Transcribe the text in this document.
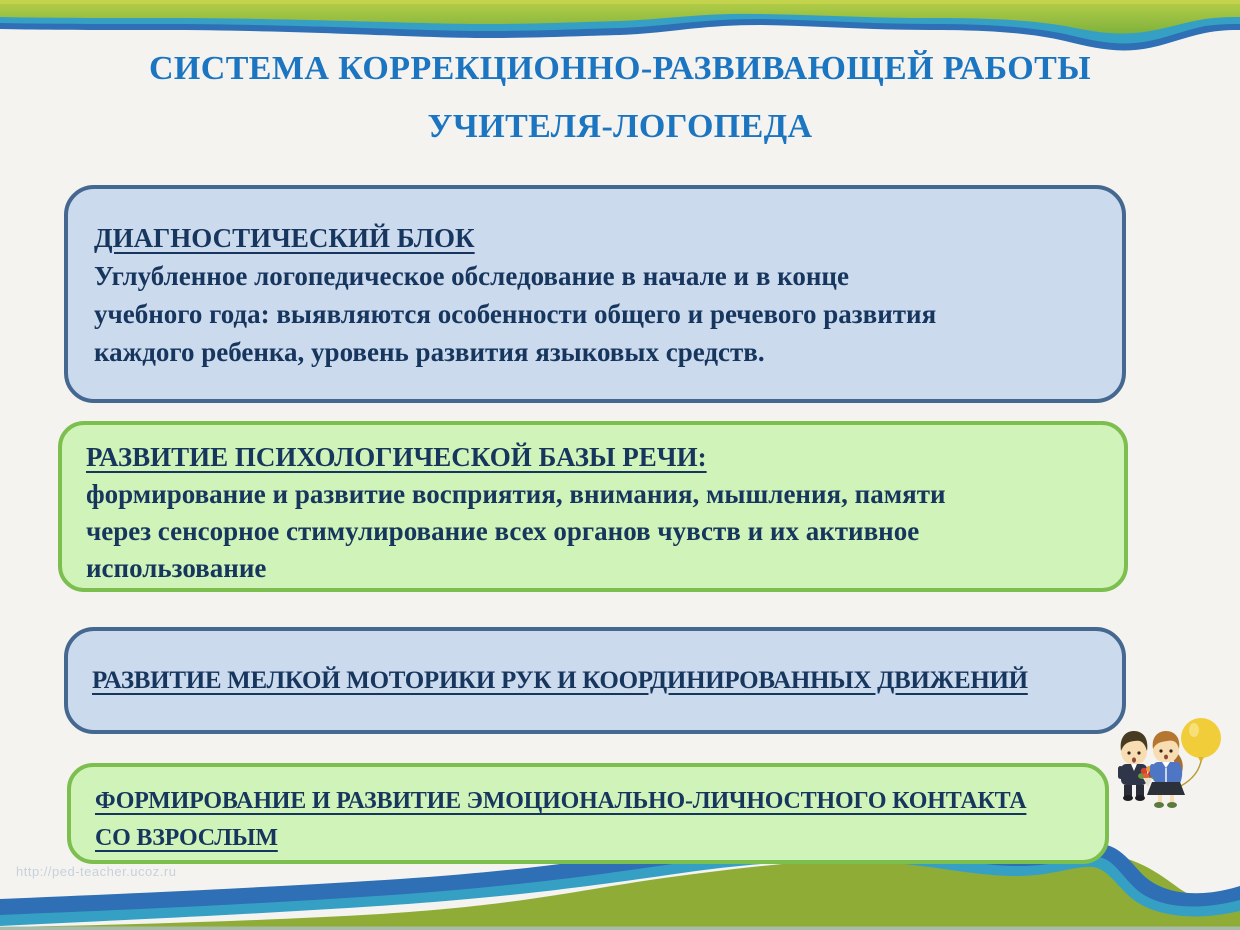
СИСТЕМА КОРРЕКЦИОННО-РАЗВИВАЮЩЕЙ РАБОТЫ
УЧИТЕЛЯ-ЛОГОПЕДА
ДИАГНОСТИЧЕСКИЙ БЛОК
Углубленное логопедическое обследование в начале и в конце учебного года: выявляются особенности общего и речевого развития каждого ребенка, уровень развития языковых средств.
РАЗВИТИЕ ПСИХОЛОГИЧЕСКОЙ БАЗЫ РЕЧИ:
формирование и развитие восприятия, внимания, мышления, памяти через сенсорное стимулирование всех органов чувств и их активное использование
РАЗВИТИЕ МЕЛКОЙ МОТОРИКИ РУК И КООРДИНИРОВАННЫХ ДВИЖЕНИЙ
ФОРМИРОВАНИЕ И РАЗВИТИЕ ЭМОЦИОНАЛЬНО-ЛИЧНОСТНОГО КОНТАКТА СО ВЗРОСЛЫМ
http://ped-teacher.ucoz.ru
